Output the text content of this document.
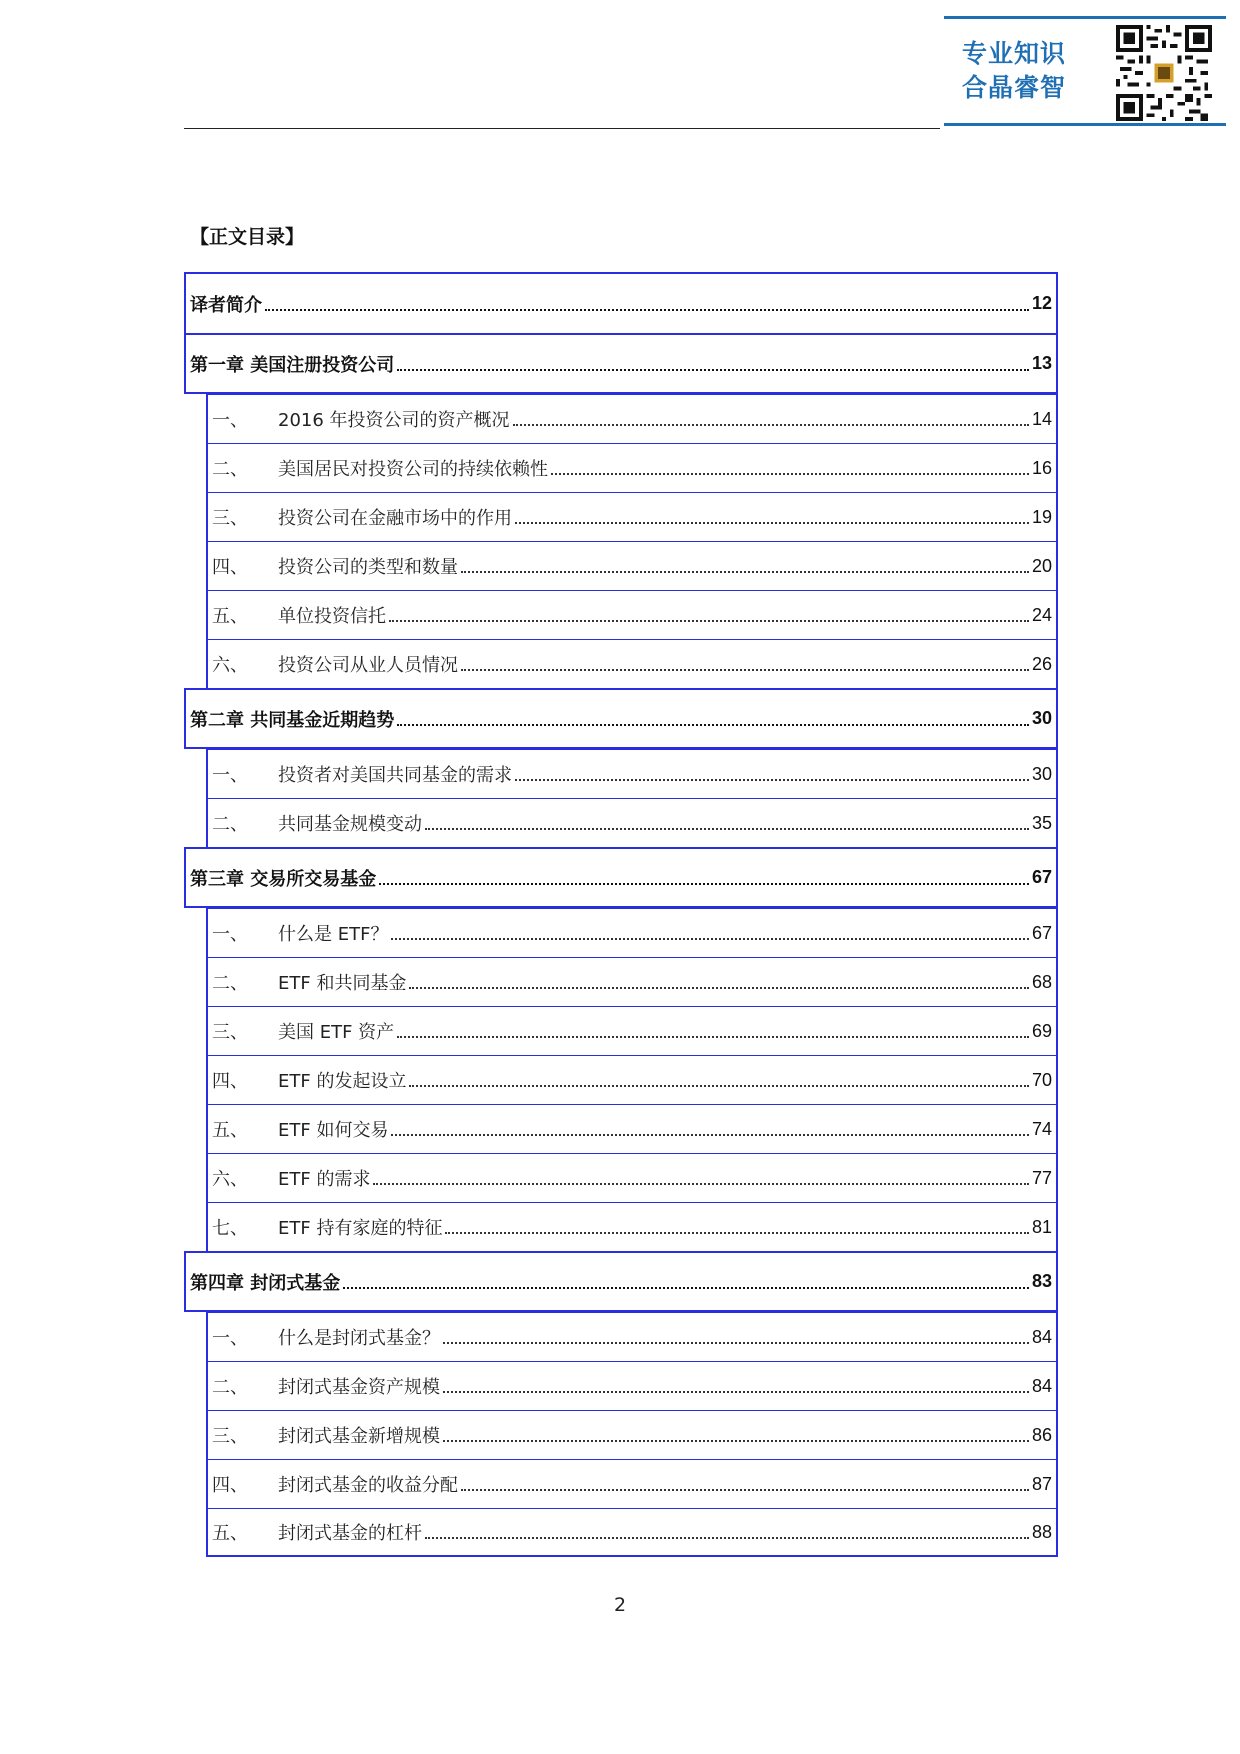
专业知识
合晶睿智
【正文目录】
译者简介	12
第一章 美国注册投资公司	13
一、	2016 年投资公司的资产概况	14
二、	美国居民对投资公司的持续依赖性	16
三、	投资公司在金融市场中的作用	19
四、	投资公司的类型和数量	20
五、	单位投资信托	24
六、	投资公司从业人员情况	26
第二章 共同基金近期趋势	30
一、	投资者对美国共同基金的需求	30
二、	共同基金规模变动	35
第三章 交易所交易基金	67
一、	什么是 ETF？	67
二、	ETF 和共同基金	68
三、	美国 ETF 资产	69
四、	ETF 的发起设立	70
五、	ETF 如何交易	74
六、	ETF 的需求	77
七、	ETF 持有家庭的特征	81
第四章 封闭式基金	83
一、	什么是封闭式基金？	84
二、	封闭式基金资产规模	84
三、	封闭式基金新增规模	86
四、	封闭式基金的收益分配	87
五、	封闭式基金的杠杆	88
2
